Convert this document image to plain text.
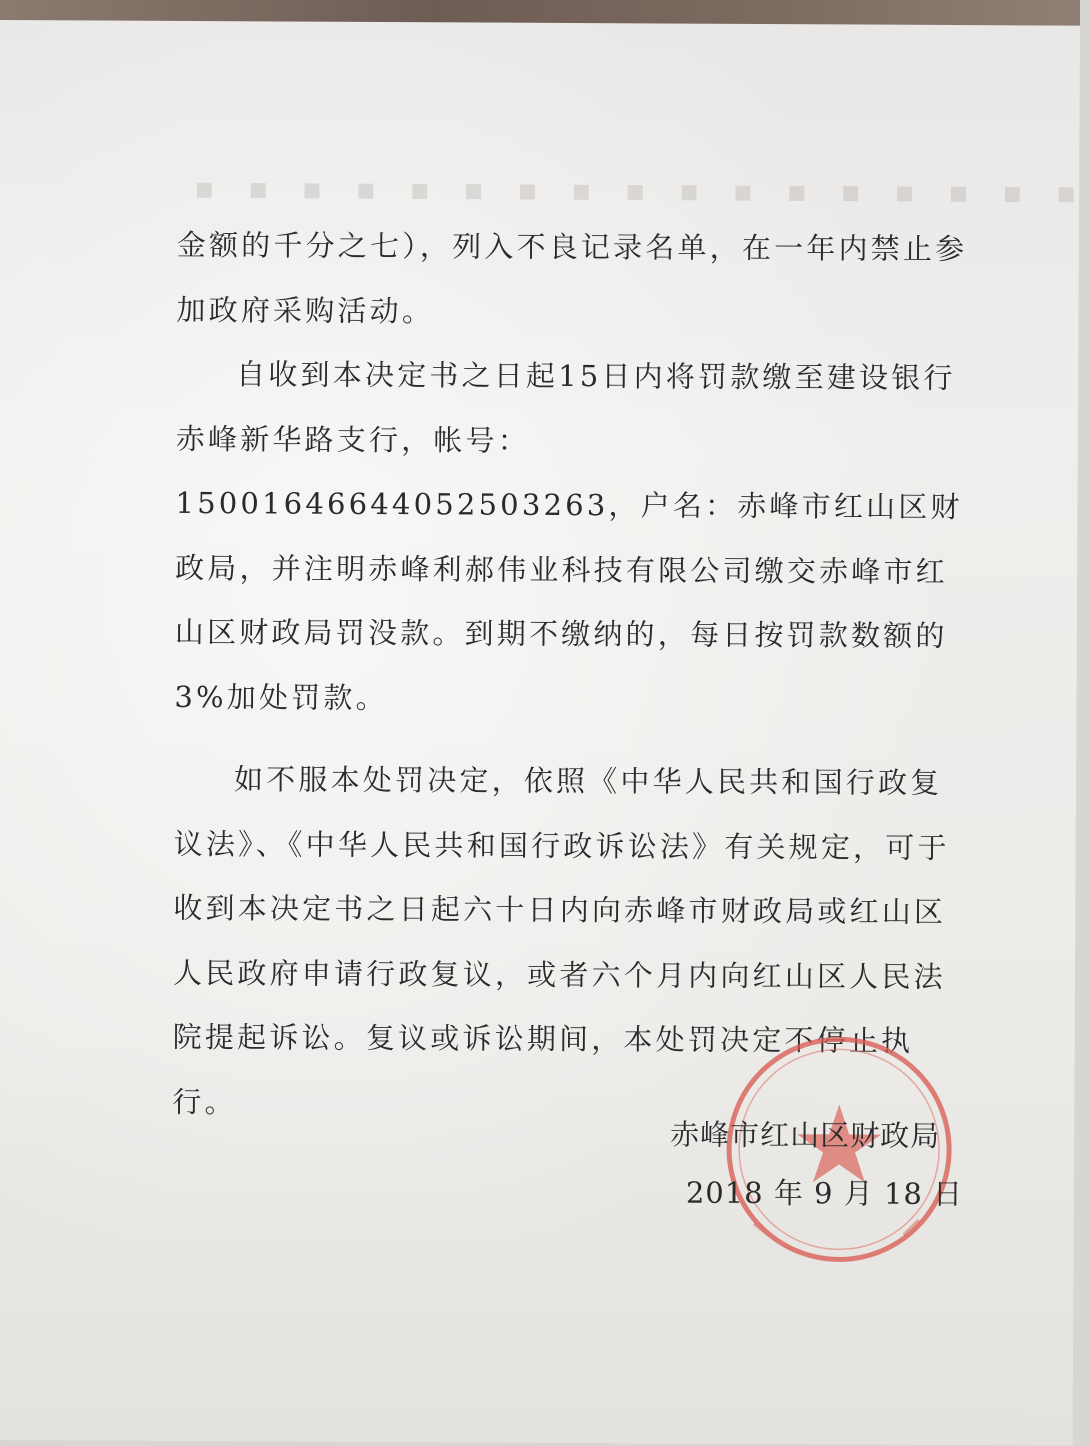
▪ ▪ ▪ ▪ ▪ ▪ ▪ ▪ ▪ ▪ ▪ ▪ ▪ ▪ ▪ ▪ ▪

金额的千分之七），列入不良记录名单，在一年内禁止参加政府采购活动。

自收到本决定书之日起15日内将罚款缴至建设银行赤峰新华路支行，帐号：15001646644052503263，户名：赤峰市红山区财政局，并注明赤峰利郝伟业科技有限公司缴交赤峰市红山区财政局罚没款。到期不缴纳的，每日按罚款数额的3%加处罚款。

如不服本处罚决定，依照《中华人民共和国行政复议法》、《中华人民共和国行政诉讼法》有关规定，可于收到本决定书之日起六十日内向赤峰市财政局或红山区人民政府申请行政复议，或者六个月内向红山区人民法院提起诉讼。复议或诉讼期间，本处罚决定不停止执行。

赤峰市红山区财政局
2018 年 9 月 18 日
